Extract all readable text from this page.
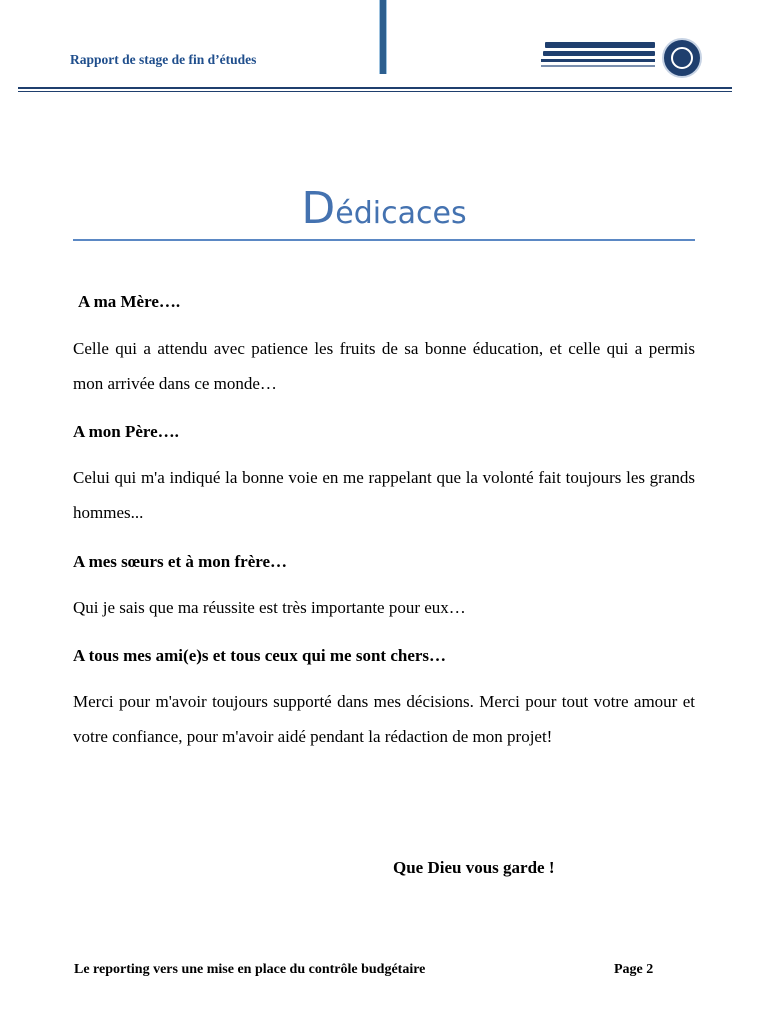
Rapport de stage de fin d’études
Dédicaces
A ma Mère….
Celle qui a attendu avec patience les fruits de sa bonne éducation, et celle qui a permis mon arrivée dans ce monde…
A mon Père….
Celui qui m'a indiqué la bonne voie en me rappelant que la volonté fait toujours les grands hommes...
A mes sœurs et à mon frère…
Qui je sais que ma réussite est très importante pour eux…
A tous mes ami(e)s et tous ceux qui me sont chers…
Merci pour m'avoir toujours supporté dans mes décisions. Merci pour tout votre amour et votre confiance, pour m'avoir aidé pendant la rédaction de mon projet!
Que Dieu vous garde !
Le reporting vers une mise en place du contrôle budgétaire	Page 2
